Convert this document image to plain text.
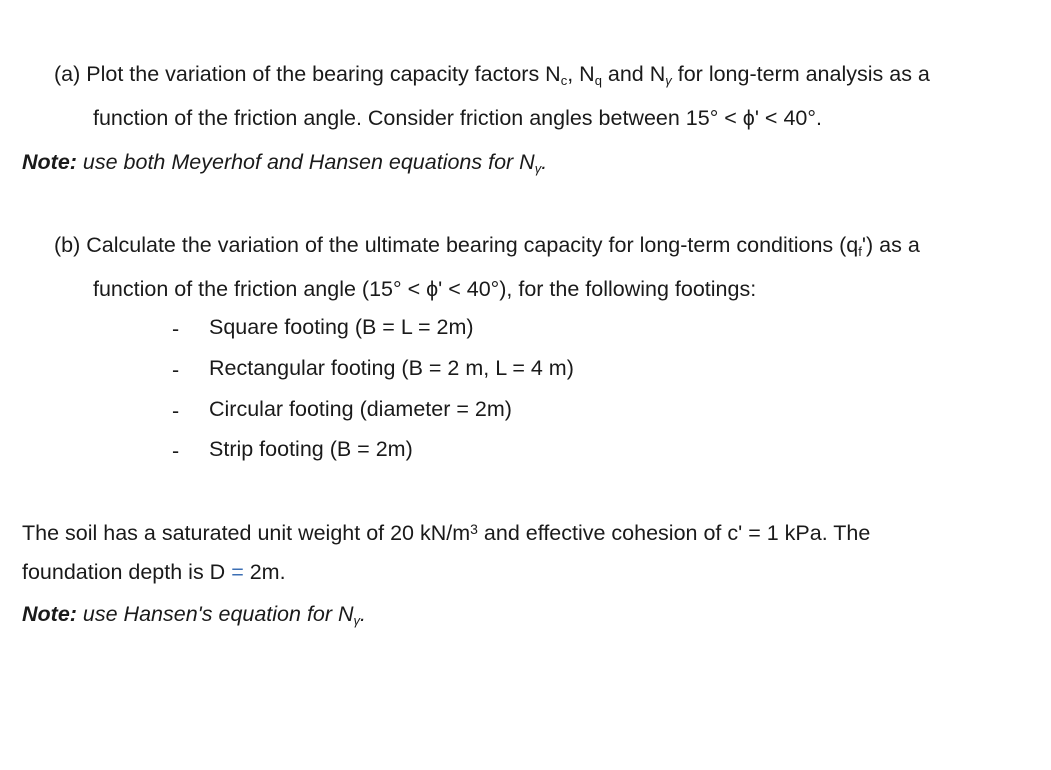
(a) Plot the variation of the bearing capacity factors $N_c$, $N_q$ and $N_\gamma$ for long-term analysis as a
function of the friction angle. Consider friction angles between 15° < ϕ' < 40°.
Note: use both Meyerhof and Hansen equations for $N_\gamma$.
(b) Calculate the variation of the ultimate bearing capacity for long-term conditions $(q_f')$ as a
function of the friction angle (15° < ϕ' < 40°), for the following footings:
- Square footing (B = L = 2m)
- Rectangular footing (B = 2 m, L = 4 m)
- Circular footing (diameter = 2m)
- Strip footing (B = 2m)
The soil has a saturated unit weight of 20 $kN/m^3$ and effective cohesion of c' = 1 kPa. The
foundation depth is D = 2m.
Note: use Hansen's equation for $N_\gamma$.
